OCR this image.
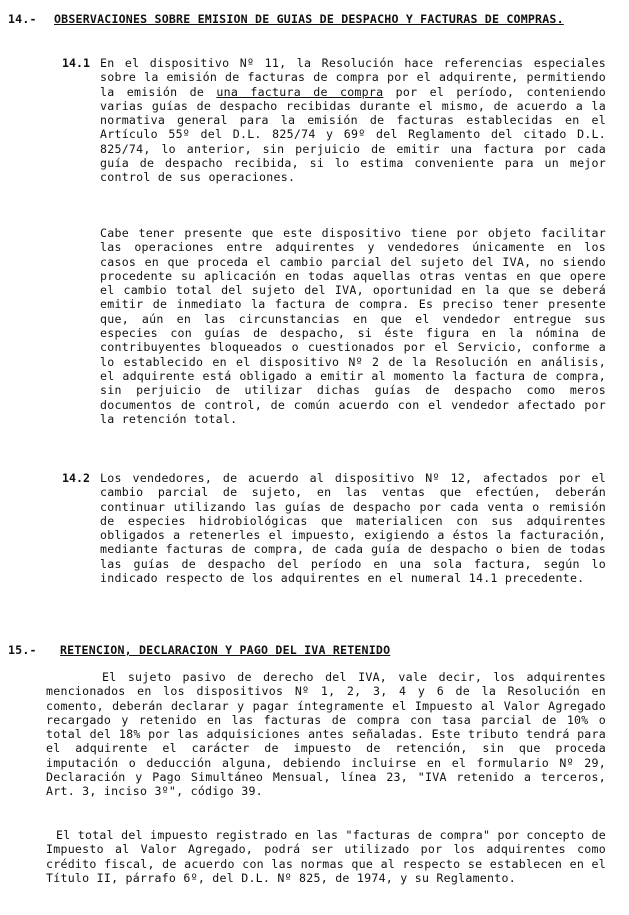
14.- OBSERVACIONES SOBRE EMISION DE GUIAS DE DESPACHO Y FACTURAS DE COMPRAS.
14.1 En el dispositivo Nº 11, la Resolución hace referencias especiales sobre la emisión de facturas de compra por el adquirente, permitiendo la emisión de una factura de compra por el período, conteniendo varias guías de despacho recibidas durante el mismo, de acuerdo a la normativa general para la emisión de facturas establecidas en el Artículo 55º del D.L. 825/74 y 69º del Reglamento del citado D.L. 825/74, lo anterior, sin perjuicio de emitir una factura por cada guía de despacho recibida, si lo estima conveniente para un mejor control de sus operaciones.

Cabe tener presente que este dispositivo tiene por objeto facilitar las operaciones entre adquirentes y vendedores únicamente en los casos en que proceda el cambio parcial del sujeto del IVA, no siendo procedente su aplicación en todas aquellas otras ventas en que opere el cambio total del sujeto del IVA, oportunidad en la que se deberá emitir de inmediato la factura de compra. Es preciso tener presente que, aún en las circunstancias en que el vendedor entregue sus especies con guías de despacho, si éste figura en la nómina de contribuyentes bloqueados o cuestionados por el Servicio, conforme a lo establecido en el dispositivo Nº 2 de la Resolución en análisis, el adquirente está obligado a emitir al momento la factura de compra, sin perjuicio de utilizar dichas guías de despacho como meros documentos de control, de común acuerdo con el vendedor afectado por la retención total.

14.2 Los vendedores, de acuerdo al dispositivo Nº 12, afectados por el cambio parcial de sujeto, en las ventas que efectúen, deberán continuar utilizando las guías de despacho por cada venta o remisión de especies hidrobiológicas que materialicen con sus adquirentes obligados a retenerles el impuesto, exigiendo a éstos la facturación, mediante facturas de compra, de cada guía de despacho o bien de todas las guías de despacho del período en una sola factura, según lo indicado respecto de los adquirentes en el numeral 14.1 precedente.

15.- RETENCION, DECLARACION Y PAGO DEL IVA RETENIDO

El sujeto pasivo de derecho del IVA, vale decir, los adquirentes mencionados en los dispositivos Nº 1, 2, 3, 4 y 6 de la Resolución en comento, deberán declarar y pagar íntegramente el Impuesto al Valor Agregado recargado y retenido en las facturas de compra con tasa parcial de 10% o total del 18% por las adquisiciones antes señaladas. Este tributo tendrá para el adquirente el carácter de impuesto de retención, sin que proceda imputación o deducción alguna, debiendo incluirse en el formulario Nº 29, Declaración y Pago Simultáneo Mensual, línea 23, "IVA retenido a terceros, Art. 3, inciso 3º", código 39.

El total del impuesto registrado en las "facturas de compra" por concepto de Impuesto al Valor Agregado, podrá ser utilizado por los adquirentes como crédito fiscal, de acuerdo con las normas que al respecto se establecen en el Título II, párrafo 6º, del D.L. Nº 825, de 1974, y su Reglamento.
